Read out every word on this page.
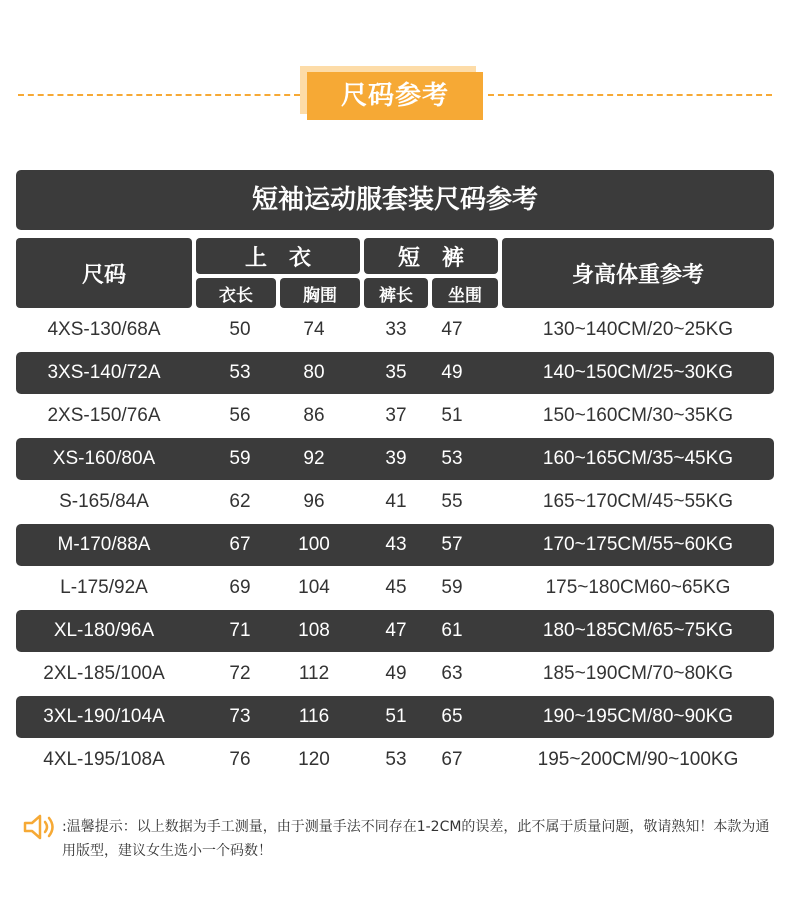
尺码参考
短袖运动服套装尺码参考
尺码
上　衣
衣长	胸围
短　裤
裤长	坐围
身高体重参考
4XS-130/68A	50	74	33	47	130~140CM/20~25KG
3XS-140/72A	53	80	35	49	140~150CM/25~30KG
2XS-150/76A	56	86	37	51	150~160CM/30~35KG
XS-160/80A	59	92	39	53	160~165CM/35~45KG
S-165/84A	62	96	41	55	165~170CM/45~55KG
M-170/88A	67	100	43	57	170~175CM/55~60KG
L-175/92A	69	104	45	59	175~180CM60~65KG
XL-180/96A	71	108	47	61	180~185CM/65~75KG
2XL-185/100A	72	112	49	63	185~190CM/70~80KG
3XL-190/104A	73	116	51	65	190~195CM/80~90KG
4XL-195/108A	76	120	53	67	195~200CM/90~100KG
:温馨提示：以上数据为手工测量，由于测量手法不同存在1-2CM的误差，此不属于质量问题，敬请熟知！本款为通用版型，建议女生选小一个码数！
